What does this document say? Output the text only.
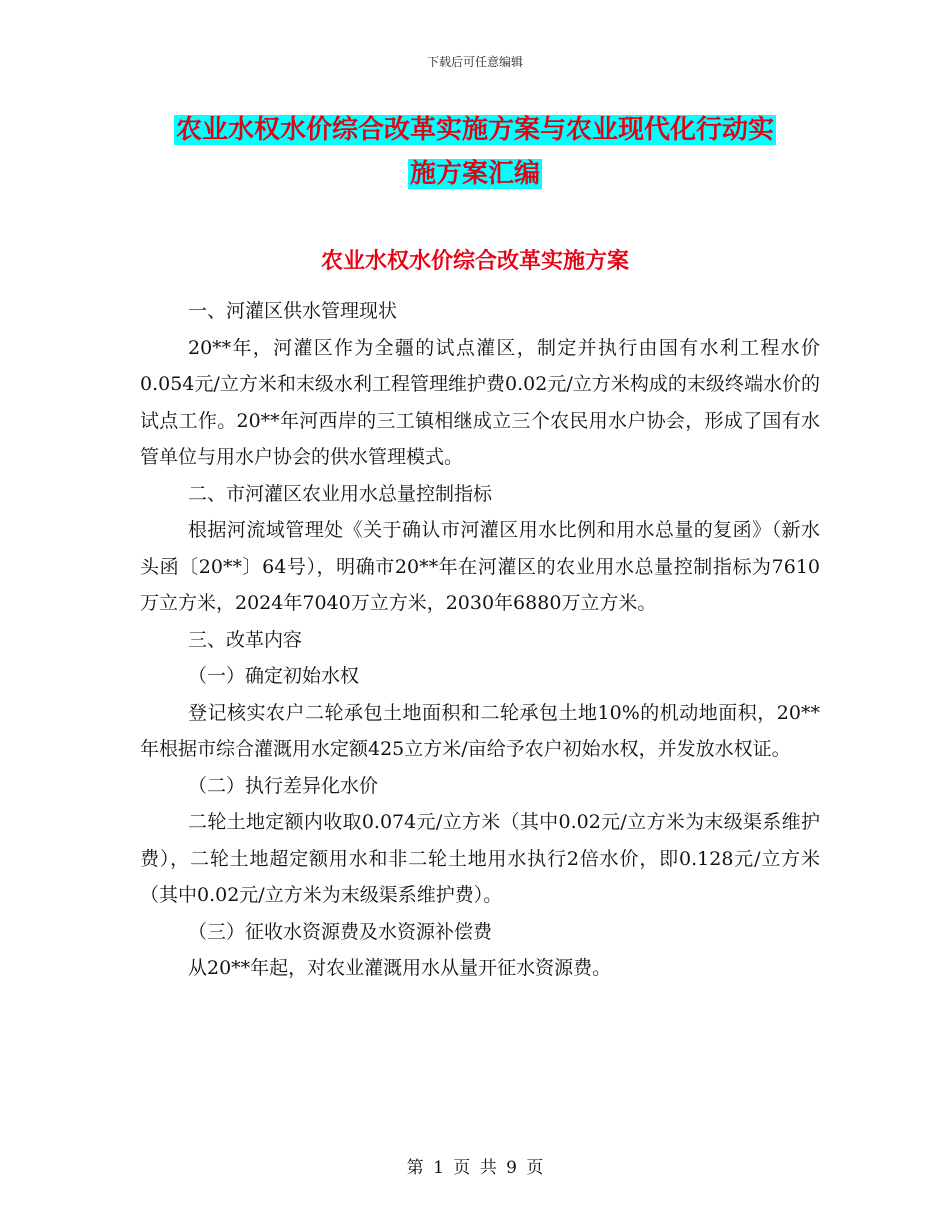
下载后可任意编辑
农业水权水价综合改革实施方案与农业现代化行动实
施方案汇编
农业水权水价综合改革实施方案

一、河灌区供水管理现状

20**年，河灌区作为全疆的试点灌区，制定并执行由国有水利工程水价0.054元/立方米和末级水利工程管理维护费0.02元/立方米构成的末级终端水价的试点工作。20**年河西岸的三工镇相继成立三个农民用水户协会，形成了国有水管单位与用水户协会的供水管理模式。

二、市河灌区农业用水总量控制指标

根据河流域管理处《关于确认市河灌区用水比例和用水总量的复函》（新水头函〔20**〕64号），明确市20**年在河灌区的农业用水总量控制指标为7610万立方米，2024年7040万立方米，2030年6880万立方米。

三、改革内容

（一）确定初始水权

登记核实农户二轮承包土地面积和二轮承包土地10%的机动地面积，20**年根据市综合灌溉用水定额425立方米/亩给予农户初始水权，并发放水权证。

（二）执行差异化水价

二轮土地定额内收取0.074元/立方米（其中0.02元/立方米为末级渠系维护费），二轮土地超定额用水和非二轮土地用水执行2倍水价，即0.128元/立方米（其中0.02元/立方米为末级渠系维护费）。

（三）征收水资源费及水资源补偿费

从20**年起，对农业灌溉用水从量开征水资源费。

第 1 页 共 9 页
